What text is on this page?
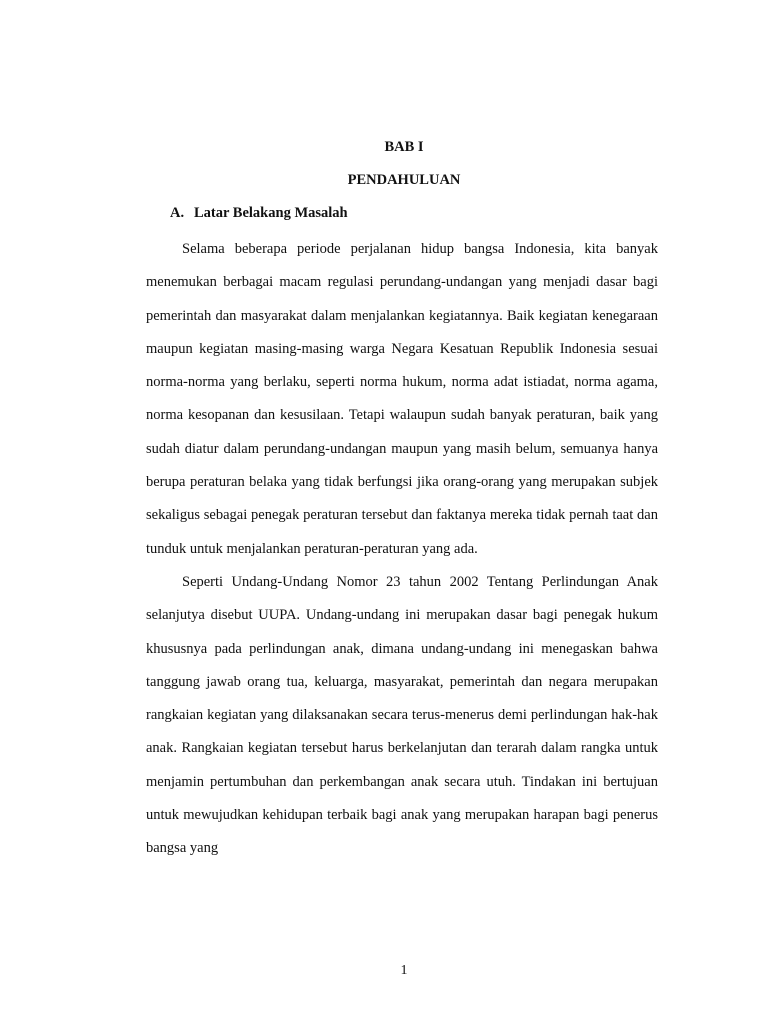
BAB I
PENDAHULUAN
A. Latar Belakang Masalah

Selama beberapa periode perjalanan hidup bangsa Indonesia, kita banyak menemukan berbagai macam regulasi perundang-undangan yang menjadi dasar bagi pemerintah dan masyarakat dalam menjalankan kegiatannya. Baik kegiatan kenegaraan maupun kegiatan masing-masing warga Negara Kesatuan Republik Indonesia sesuai norma-norma yang berlaku, seperti norma hukum, norma adat istiadat, norma agama, norma kesopanan dan kesusilaan. Tetapi walaupun sudah banyak peraturan, baik yang sudah diatur dalam perundang-undangan maupun yang masih belum, semuanya hanya berupa peraturan belaka yang tidak berfungsi jika orang-orang yang merupakan subjek sekaligus sebagai penegak peraturan tersebut dan faktanya mereka tidak pernah taat dan tunduk untuk menjalankan peraturan-peraturan yang ada.

Seperti Undang-Undang Nomor 23 tahun 2002 Tentang Perlindungan Anak selanjutya disebut UUPA. Undang-undang ini merupakan dasar bagi penegak hukum khususnya pada perlindungan anak, dimana undang-undang ini menegaskan bahwa tanggung jawab orang tua, keluarga, masyarakat, pemerintah dan negara merupakan rangkaian kegiatan yang dilaksanakan secara terus-menerus demi perlindungan hak-hak anak. Rangkaian kegiatan tersebut harus berkelanjutan dan terarah dalam rangka untuk menjamin pertumbuhan dan perkembangan anak secara utuh. Tindakan ini bertujuan untuk mewujudkan kehidupan terbaik bagi anak yang merupakan harapan bagi penerus bangsa yang

1
